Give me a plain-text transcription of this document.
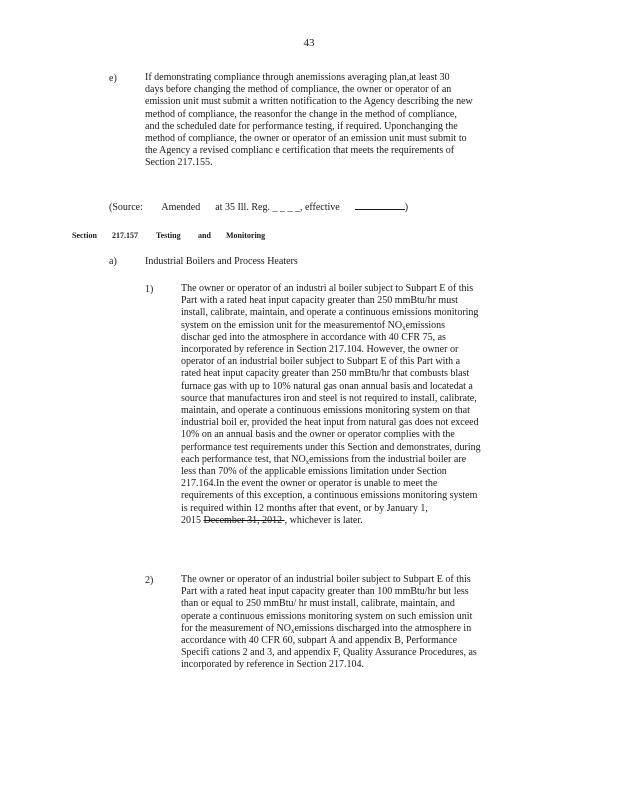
43
e)	If demonstrating compliance through anemissions averaging plan,at least 30
days before changing the method of compliance, the owner or operator of an
emission unit must submit a written notification to the Agency describing the new
method of compliance, the reasonfor the change in the method of compliance,
and the scheduled date for performance testing, if required. Uponchanging the
method of compliance, the owner or operator of an emission unit must submit to
the Agency a revised complianc e certification that meets the requirements of
Section 217.155.
(Source: Amended at 35 Ill. Reg. _ _ _ _, effective	)
Section 217.157 Testing and Monitoring
a)	Industrial Boilers and Process Heaters
1)	The owner or operator of an industri al boiler subject to Subpart E of this
Part with a rated heat input capacity greater than 250 mmBtu/hr must
install, calibrate, maintain, and operate a continuous emissions monitoring
system on the emission unit for the measurementof $NO_xemissions$
dischar ged into the atmosphere in accordance with 40 CFR 75, as
incorporated by reference in Section 217.104. However, the owner or
operator of an industrial boiler subject to Subpart E of this Part with a
rated heat input capacity greater than 250 mmBtu/hr that combusts blast
furnace gas with up to 10% natural gas onan annual basis and locatedat a
source that manufactures iron and steel is not required to install, calibrate,
maintain, and operate a continuous emissions monitoring system on that
industrial boil er, provided the heat input from natural gas does not exceed
10% on an annual basis and the owner or operator complies with the
performance test requirements under this Section and demonstrates, during
each performance test, that $NO_xemissions$ from the industrial boiler are
less than 70% of the applicable emissions limitation under Section
217.164.In the event the owner or operator is unable to meet the
requirements of this exception, a continuous emissions monitoring system
is required within 12 months after that event, or by January 1,
2015 December 31, 2012 , whichever is later.
2)	The owner or operator of an industrial boiler subject to Subpart E of this
Part with a rated heat input capacity greater than 100 mmBtu/hr but less
than or equal to 250 mmBtu/ hr must install, calibrate, maintain, and
operate a continuous emissions monitoring system on such emission unit
for the measurement of $NO_xemissions$ discharged into the atmosphere in
accordance with 40 CFR 60, subpart A and appendix B, Performance
Specifi cations 2 and 3, and appendix F, Quality Assurance Procedures, as
incorporated by reference in Section 217.104.
